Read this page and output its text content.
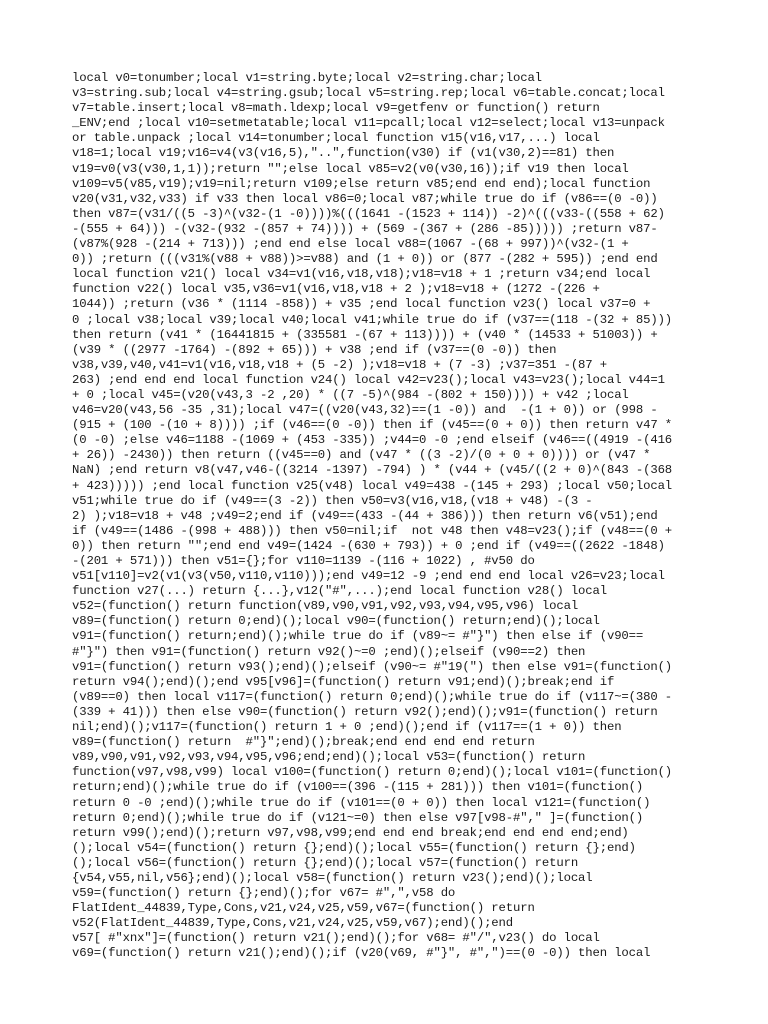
local v0=tonumber;local v1=string.byte;local v2=string.char;local
v3=string.sub;local v4=string.gsub;local v5=string.rep;local v6=table.concat;local
v7=table.insert;local v8=math.ldexp;local v9=getfenv or function() return
_ENV;end ;local v10=setmetatable;local v11=pcall;local v12=select;local v13=unpack
or table.unpack ;local v14=tonumber;local function v15(v16,v17,...) local
v18=1;local v19;v16=v4(v3(v16,5),"..",function(v30) if (v1(v30,2)==81) then
v19=v0(v3(v30,1,1));return "";else local v85=v2(v0(v30,16));if v19 then local
v109=v5(v85,v19);v19=nil;return v109;else return v85;end end end);local function
v20(v31,v32,v33) if v33 then local v86=0;local v87;while true do if (v86==(0 -0))
then v87=(v31/((5 -3)^(v32-(1 -0))))%(((1641 -(1523 + 114)) -2)^(((v33-((558 + 62)
-(555 + 64))) -(v32-(932 -(857 + 74)))) + (569 -(367 + (286 -85))))) ;return v87-
(v87%(928 -(214 + 713))) ;end end else local v88=(1067 -(68 + 997))^(v32-(1 +
0)) ;return (((v31%(v88 + v88))>=v88) and (1 + 0)) or (877 -(282 + 595)) ;end end
local function v21() local v34=v1(v16,v18,v18);v18=v18 + 1 ;return v34;end local
function v22() local v35,v36=v1(v16,v18,v18 + 2 );v18=v18 + (1272 -(226 +
1044)) ;return (v36 * (1114 -858)) + v35 ;end local function v23() local v37=0 +
0 ;local v38;local v39;local v40;local v41;while true do if (v37==(118 -(32 + 85)))
then return (v41 * (16441815 + (335581 -(67 + 113)))) + (v40 * (14533 + 51003)) +
(v39 * ((2977 -1764) -(892 + 65))) + v38 ;end if (v37==(0 -0)) then
v38,v39,v40,v41=v1(v16,v18,v18 + (5 -2) );v18=v18 + (7 -3) ;v37=351 -(87 +
263) ;end end end local function v24() local v42=v23();local v43=v23();local v44=1
+ 0 ;local v45=(v20(v43,3 -2 ,20) * ((7 -5)^(984 -(802 + 150)))) + v42 ;local
v46=v20(v43,56 -35 ,31);local v47=((v20(v43,32)==(1 -0)) and  -(1 + 0)) or (998 -
(915 + (100 -(10 + 8)))) ;if (v46==(0 -0)) then if (v45==(0 + 0)) then return v47 *
(0 -0) ;else v46=1188 -(1069 + (453 -335)) ;v44=0 -0 ;end elseif (v46==((4919 -(416
+ 26)) -2430)) then return ((v45==0) and (v47 * ((3 -2)/(0 + 0 + 0)))) or (v47 *
NaN) ;end return v8(v47,v46-((3214 -1397) -794) ) * (v44 + (v45/((2 + 0)^(843 -(368
+ 423))))) ;end local function v25(v48) local v49=438 -(145 + 293) ;local v50;local
v51;while true do if (v49==(3 -2)) then v50=v3(v16,v18,(v18 + v48) -(3 -
2) );v18=v18 + v48 ;v49=2;end if (v49==(433 -(44 + 386))) then return v6(v51);end
if (v49==(1486 -(998 + 488))) then v50=nil;if  not v48 then v48=v23();if (v48==(0 +
0)) then return "";end end v49=(1424 -(630 + 793)) + 0 ;end if (v49==((2622 -1848)
-(201 + 571))) then v51={};for v110=1139 -(116 + 1022) , #v50 do
v51[v110]=v2(v1(v3(v50,v110,v110)));end v49=12 -9 ;end end end local v26=v23;local
function v27(...) return {...},v12("#",...);end local function v28() local
v52=(function() return function(v89,v90,v91,v92,v93,v94,v95,v96) local
v89=(function() return 0;end)();local v90=(function() return;end)();local
v91=(function() return;end)();while true do if (v89~= #"}") then else if (v90==
#"}") then v91=(function() return v92()~=0 ;end)();elseif (v90==2) then
v91=(function() return v93();end)();elseif (v90~= #"19(") then else v91=(function()
return v94();end)();end v95[v96]=(function() return v91;end)();break;end if
(v89==0) then local v117=(function() return 0;end)();while true do if (v117~=(380 -
(339 + 41))) then else v90=(function() return v92();end)();v91=(function() return
nil;end)();v117=(function() return 1 + 0 ;end)();end if (v117==(1 + 0)) then
v89=(function() return  #"}";end)();break;end end end end return
v89,v90,v91,v92,v93,v94,v95,v96;end;end)();local v53=(function() return
function(v97,v98,v99) local v100=(function() return 0;end)();local v101=(function()
return;end)();while true do if (v100==(396 -(115 + 281))) then v101=(function()
return 0 -0 ;end)();while true do if (v101==(0 + 0)) then local v121=(function()
return 0;end)();while true do if (v121~=0) then else v97[v98-#"," ]=(function()
return v99();end)();return v97,v98,v99;end end end break;end end end end;end)
();local v54=(function() return {};end)();local v55=(function() return {};end)
();local v56=(function() return {};end)();local v57=(function() return
{v54,v55,nil,v56};end)();local v58=(function() return v23();end)();local
v59=(function() return {};end)();for v67= #",",v58 do
FlatIdent_44839,Type,Cons,v21,v24,v25,v59,v67=(function() return
v52(FlatIdent_44839,Type,Cons,v21,v24,v25,v59,v67);end)();end
v57[ #"xnx"]=(function() return v21();end)();for v68= #"/",v23() do local
v69=(function() return v21();end)();if (v20(v69, #"}", #",")==(0 -0)) then local
